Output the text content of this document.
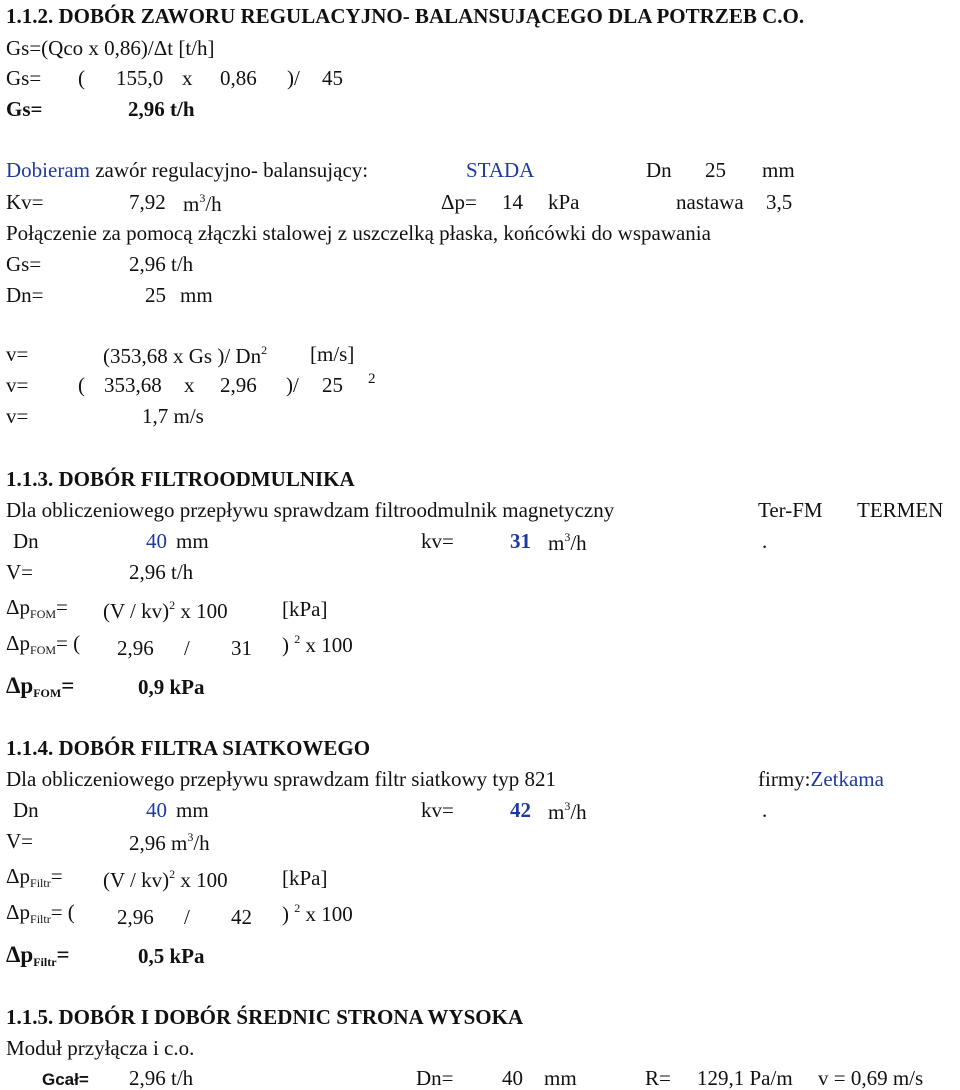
1.1.2. DOBÓR ZAWORU REGULACYJNO- BALANSUJĄCEGO DLA POTRZEB C.O.
Gs=(Qco x 0,86)/Δt [t/h]
Gs= ( 155,0 x 0,86 )/ 45
Gs=	2,96 t/h
Dobieram zawór regulacyjno- balansujący:	STADA	Dn 25 mm
Kv=	7,92 $m^3/h$	Δp= 14 kPa	nastawa 3,5
Połączenie za pomocą złączki stalowej z uszczelką płaska, końcówki do wspawania
Gs=	2,96 t/h
Dn=	25 mm
v=	(353,68 x Gs )/ Dn$^2$ [m/s]
v= ( 353,68 x 2,96 )/ 25 2
v=	1,7 m/s
1.1.3. DOBÓR FILTROODMULNIKA
Dla obliczeniowego przepływu sprawdzam filtroodmulnik magnetyczny	Ter-FM TERMEN
Dn	40 mm	kv=	31 $m^3/h$	.
V=	2,96 t/h
$\Delta p_{FOM}= (V / kv)^2$ x 100	[kPa]
$\Delta p_{FOM}=$ ( 2,96 / 31 ) $^2$ x 100
$\Delta p_{FOM}=$	0,9 kPa
1.1.4. DOBÓR FILTRA SIATKOWEGO
Dla obliczeniowego przepływu sprawdzam filtr siatkowy typ 821	firmy:Zetkama
Dn	40 mm	kv=	42 $m^3/h$	.
V=	2,96 $m^3/h$
$\Delta p_{Filtr}= (V / kv)^2$ x 100	[kPa]
$\Delta p_{Filtr}=$ ( 2,96 / 42 ) $^2$ x 100
$\Delta p_{Filtr}=$	0,5 kPa
1.1.5. DOBÓR I DOBÓR ŚREDNIC STRONA WYSOKA
Moduł przyłącza i c.o.
Gcał= 2,96 t/h	Dn= 40 mm	R= 129,1 Pa/m v = 0,69 m/s
